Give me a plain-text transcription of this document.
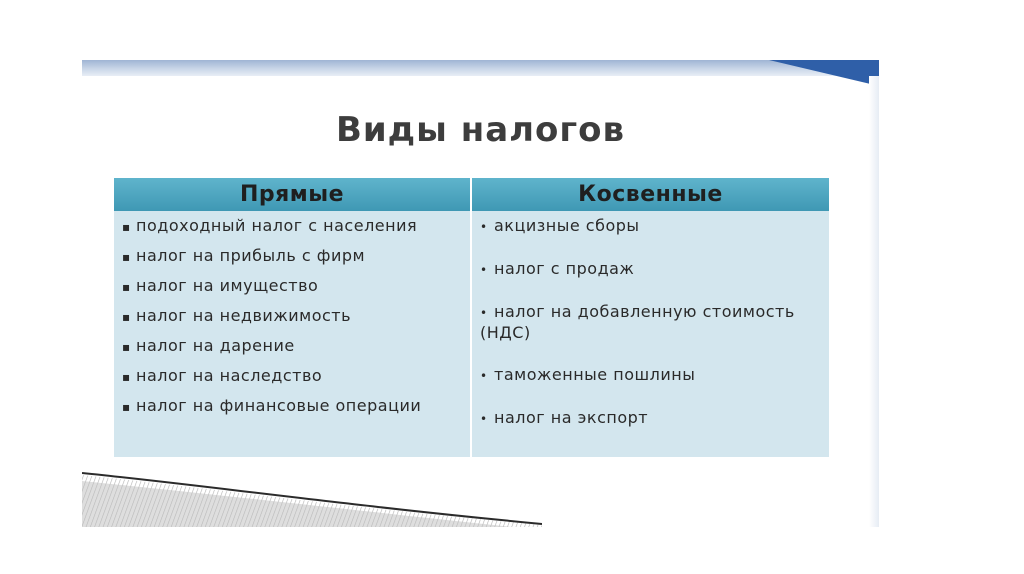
Виды налогов
Прямые	Косвенные
▪ подоходный налог с населения
▪ налог на прибыль с фирм
▪ налог на имущество
▪ налог на недвижимость
▪ налог на дарение
▪ налог на наследство
▪ налог на финансовые операции
• акцизные сборы
• налог с продаж
• налог на добавленную стоимость (НДС)
• таможенные пошлины
• налог на экспорт
